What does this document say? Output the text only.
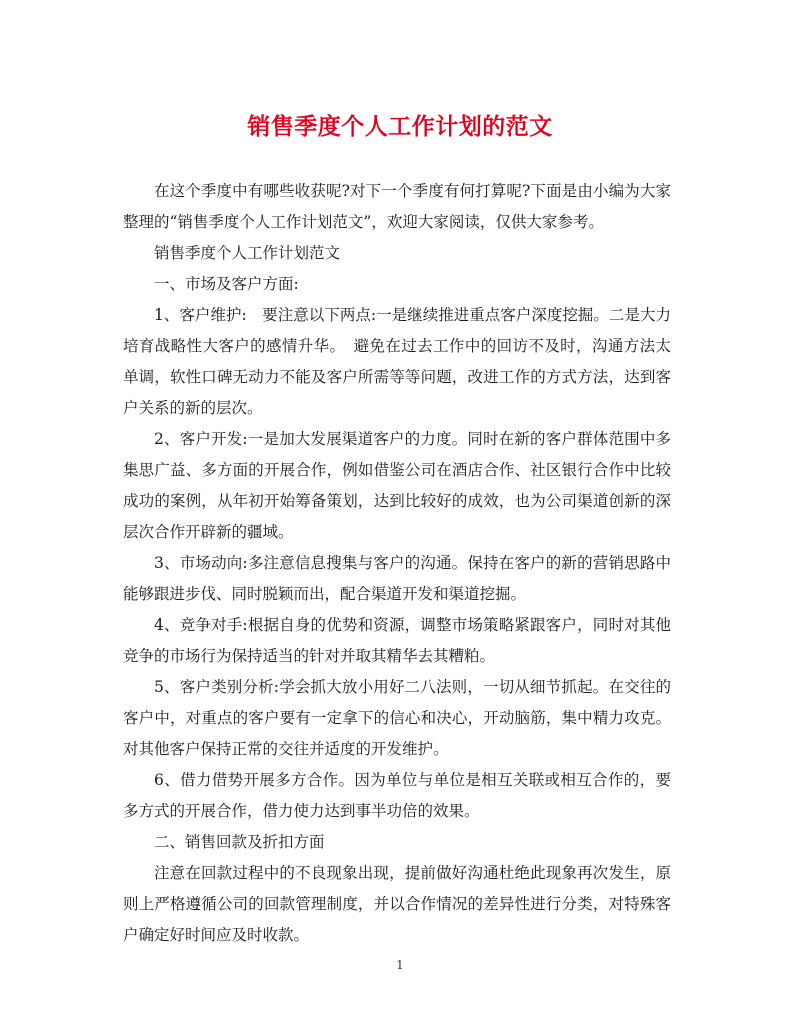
销售季度个人工作计划的范文

在这个季度中有哪些收获呢?对下一个季度有何打算呢?下面是由小编为大家整理的“销售季度个人工作计划范文”，欢迎大家阅读，仅供大家参考。

销售季度个人工作计划范文

一、市场及客户方面:

1、客户维护:　要注意以下两点:一是继续推进重点客户深度挖掘。二是大力培育战略性大客户的感情升华。　避免在过去工作中的回访不及时，沟通方法太单调，软性口碑无动力不能及客户所需等等问题，改进工作的方式方法，达到客户关系的新的层次。

2、客户开发:一是加大发展渠道客户的力度。同时在新的客户群体范围中多集思广益、多方面的开展合作，例如借鉴公司在酒店合作、社区银行合作中比较成功的案例，从年初开始筹备策划，达到比较好的成效，也为公司渠道创新的深层次合作开辟新的疆域。

3、市场动向:多注意信息搜集与客户的沟通。保持在客户的新的营销思路中能够跟进步伐、同时脱颖而出，配合渠道开发和渠道挖掘。

4、竞争对手:根据自身的优势和资源，调整市场策略紧跟客户，同时对其他竞争的市场行为保持适当的针对并取其精华去其糟粕。

5、客户类别分析:学会抓大放小用好二八法则，一切从细节抓起。在交往的客户中，对重点的客户要有一定拿下的信心和决心，开动脑筋，集中精力攻克。对其他客户保持正常的交往并适度的开发维护。

6、借力借势开展多方合作。因为单位与单位是相互关联或相互合作的，要多方式的开展合作，借力使力达到事半功倍的效果。

二、销售回款及折扣方面

注意在回款过程中的不良现象出现，提前做好沟通杜绝此现象再次发生，原则上严格遵循公司的回款管理制度，并以合作情况的差异性进行分类，对特殊客户确定好时间应及时收款。

1
